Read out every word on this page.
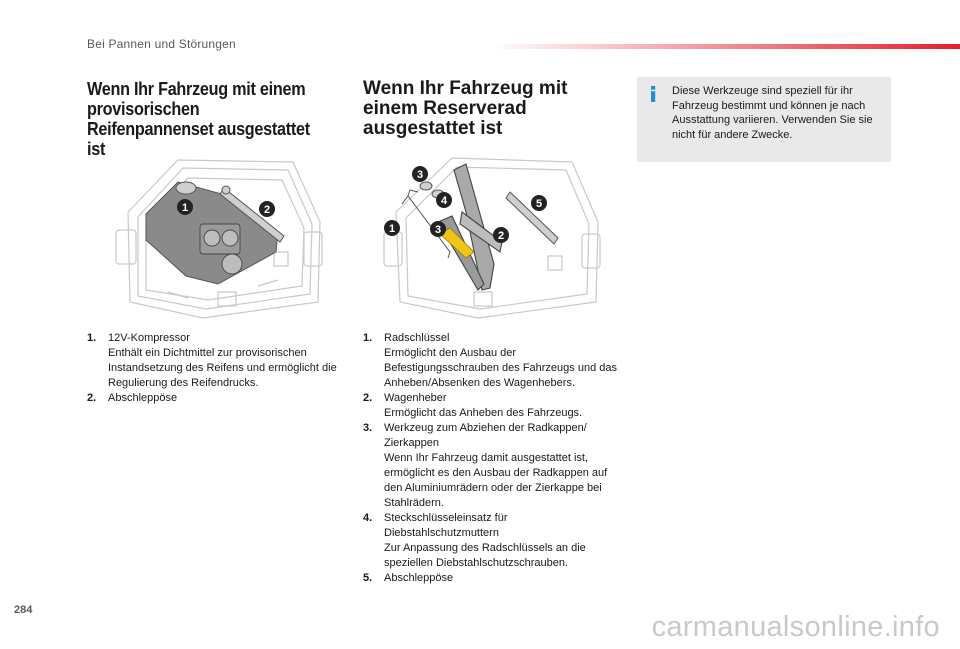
Bei Pannen und Störungen
Wenn Ihr Fahrzeug mit einem provisorischen Reifenpannenset ausgestattet ist
Wenn Ihr Fahrzeug mit einem Reserverad ausgestattet ist
Diese Werkzeuge sind speziell für ihr Fahrzeug bestimmt und können je nach Ausstattung variieren. Verwenden Sie sie nicht für andere Zwecke.
1	2
3
4
1	3	2
5
1. 12V-Kompressor
Enthält ein Dichtmittel zur provisorischen Instandsetzung des Reifens und ermöglicht die Regulierung des Reifendrucks.
2. Abschleppöse
1. Radschlüssel
Ermöglicht den Ausbau der Befestigungsschrauben des Fahrzeugs und das Anheben/Absenken des Wagenhebers.
2. Wagenheber
Ermöglicht das Anheben des Fahrzeugs.
3. Werkzeug zum Abziehen der Radkappen/ Zierkappen
Wenn Ihr Fahrzeug damit ausgestattet ist, ermöglicht es den Ausbau der Radkappen auf den Aluminiumrädern oder der Zierkappe bei Stahlrädern.
4. Steckschlüsseleinsatz für Diebstahlschutzmuttern
Zur Anpassung des Radschlüssels an die speziellen Diebstahlschutzschrauben.
5. Abschleppöse
284
carmanualsonline.info
